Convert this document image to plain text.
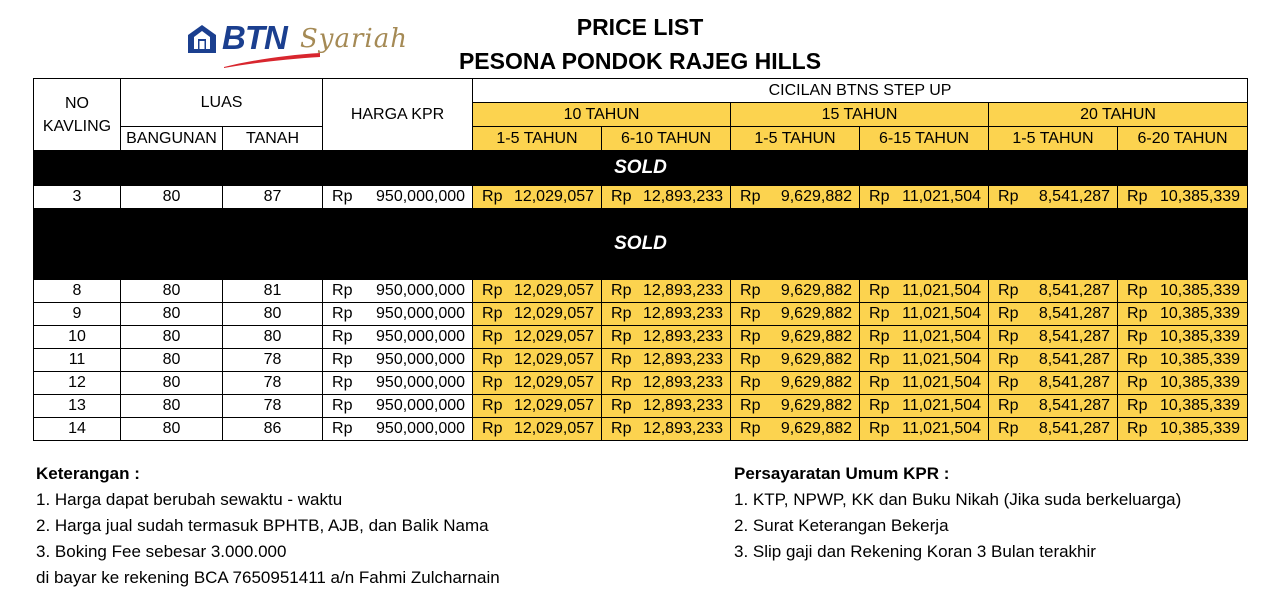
BTN Syariah	PRICE LIST
PESONA PONDOK RAJEG HILLS
NO KAVLING	LUAS		HARGA KPR	CICILAN BTNS STEP UP					
				10 TAHUN		15 TAHUN		20 TAHUN	
	BANGUNAN	TANAH		1-5 TAHUN	6-10 TAHUN	1-5 TAHUN	6-15 TAHUN	1-5 TAHUN	6-20 TAHUN
SOLD									
3	80	87	Rp 950,000,000	Rp 12,029,057	Rp 12,893,233	Rp 9,629,882	Rp 11,021,504	Rp 8,541,287	Rp 10,385,339

SOLD									
8	80	81	Rp 950,000,000	Rp 12,029,057	Rp 12,893,233	Rp 9,629,882	Rp 11,021,504	Rp 8,541,287	Rp 10,385,339

9	80	80	Rp 950,000,000	Rp 12,029,057	Rp 12,893,233	Rp 9,629,882	Rp 11,021,504	Rp 8,541,287	Rp 10,385,339

10	80	80	Rp 950,000,000	Rp 12,029,057	Rp 12,893,233	Rp 9,629,882	Rp 11,021,504	Rp 8,541,287	Rp 10,385,339

11	80	78	Rp 950,000,000	Rp 12,029,057	Rp 12,893,233	Rp 9,629,882	Rp 11,021,504	Rp 8,541,287	Rp 10,385,339

12	80	78	Rp 950,000,000	Rp 12,029,057	Rp 12,893,233	Rp 9,629,882	Rp 11,021,504	Rp 8,541,287	Rp 10,385,339

13	80	78	Rp 950,000,000	Rp 12,029,057	Rp 12,893,233	Rp 9,629,882	Rp 11,021,504	Rp 8,541,287	Rp 10,385,339

14	80	86	Rp 950,000,000	Rp 12,029,057	Rp 12,893,233	Rp 9,629,882	Rp 11,021,504	Rp 8,541,287	Rp 10,385,339
Keterangan :
1. Harga dapat berubah sewaktu - waktu
2. Harga jual sudah termasuk BPHTB, AJB, dan Balik Nama
3. Boking Fee sebesar 3.000.000
di bayar ke rekening BCA 7650951411 a/n Fahmi Zulcharnain
Persayaratan Umum KPR :
1. KTP, NPWP, KK dan Buku Nikah (Jika suda berkeluarga)
2. Surat Keterangan Bekerja
3. Slip gaji dan Rekening Koran 3 Bulan terakhir
